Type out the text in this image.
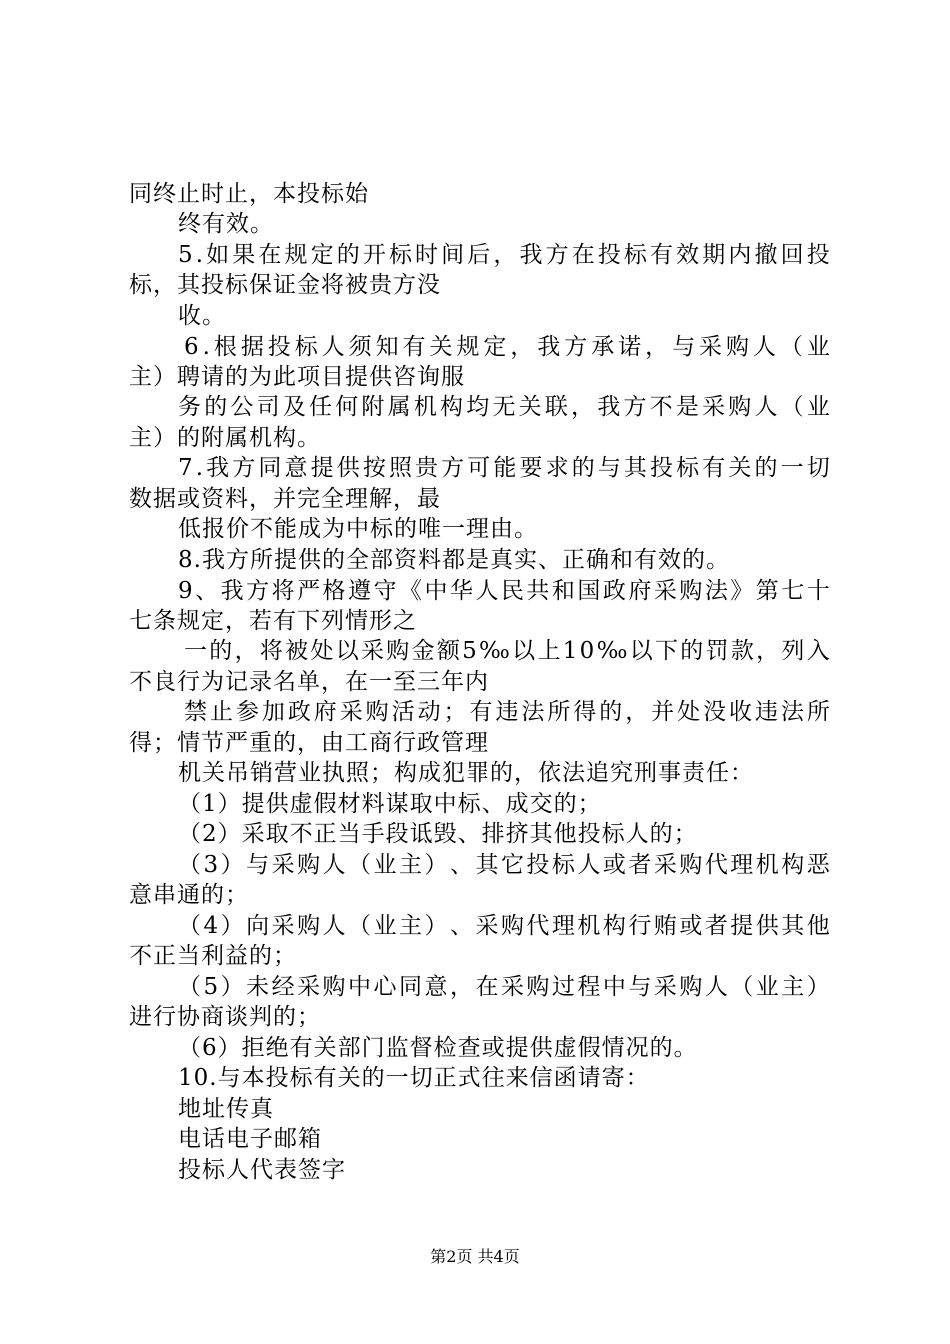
同终止时止，本投标始
终有效。
5 . 如 果 在 规 定 的 开 标 时 间 后 ， 我 方 在 投 标 有 效 期 内 撤 回 投
标，其投标保证金将被贵方没
收。
6 . 根 据 投 标 人 须 知 有 关 规 定 ， 我 方 承 诺 ， 与 采 购 人 （ 业
主）聘请的为此项目提供咨询服
务 的 公 司 及 任 何 附 属 机 构 均 无 关 联 ， 我 方 不 是 采 购 人 （ 业
主）的附属机构。
7 . 我 方 同 意 提 供 按 照 贵 方 可 能 要 求 的 与 其 投 标 有 关 的 一 切
数据或资料，并完全理解，最
低报价不能成为中标的唯一理由。
8.我方所提供的全部资料都是真实、正确和有效的。
9 、 我 方 将 严 格 遵 守 《 中 华 人 民 共 和 国 政 府 采 购 法 》 第 七 十
七条规定，若有下列情形之
一 的 ， 将 被 处 以 采 购 金 额 5 ‰ 以 上 1 0 ‰ 以 下 的 罚 款 ， 列 入
不良行为记录名单，在一至三年内
禁 止 参 加 政 府 采 购 活 动 ； 有 违 法 所 得 的 ， 并 处 没 收 违 法 所
得；情节严重的，由工商行政管理
机关吊销营业执照；构成犯罪的，依法追究刑事责任：
（1）提供虚假材料谋取中标、成交的；
（2）采取不正当手段诋毁、排挤其他投标人的；
（ 3 ） 与 采 购 人 （ 业 主 ） 、 其 它 投 标 人 或 者 采 购 代 理 机 构 恶
意串通的；
（ 4 ） 向 采 购 人 （ 业 主 ） 、 采 购 代 理 机 构 行 贿 或 者 提 供 其 他
不正当利益的；
（ 5 ） 未 经 采 购 中 心 同 意 ， 在 采 购 过 程 中 与 采 购 人 （ 业 主 ）
进行协商谈判的；
（6）拒绝有关部门监督检查或提供虚假情况的。
10.与本投标有关的一切正式往来信函请寄：
地址传真
电话电子邮箱
投标人代表签字
第2页 共4页
